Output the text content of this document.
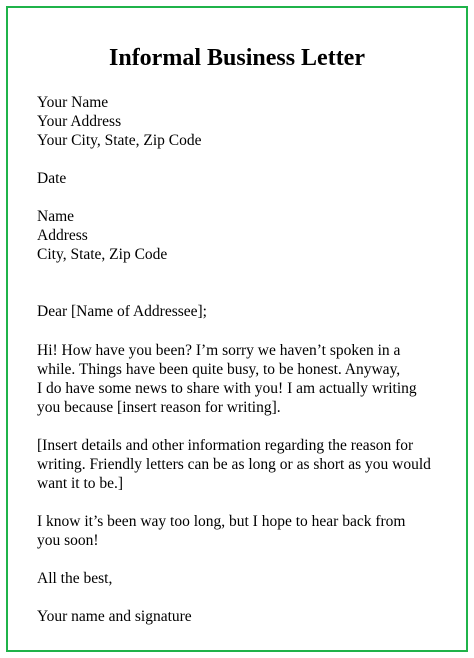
Informal Business Letter
Your Name
Your Address
Your City, State, Zip Code
Date
Name
Address
City, State, Zip Code
Dear [Name of Addressee];
Hi! How have you been? I’m sorry we haven’t spoken in a
while. Things have been quite busy, to be honest. Anyway,
I do have some news to share with you! I am actually writing
you because [insert reason for writing].
[Insert details and other information regarding the reason for
writing. Friendly letters can be as long or as short as you would
want it to be.]
I know it’s been way too long, but I hope to hear back from
you soon!
All the best,
Your name and signature
